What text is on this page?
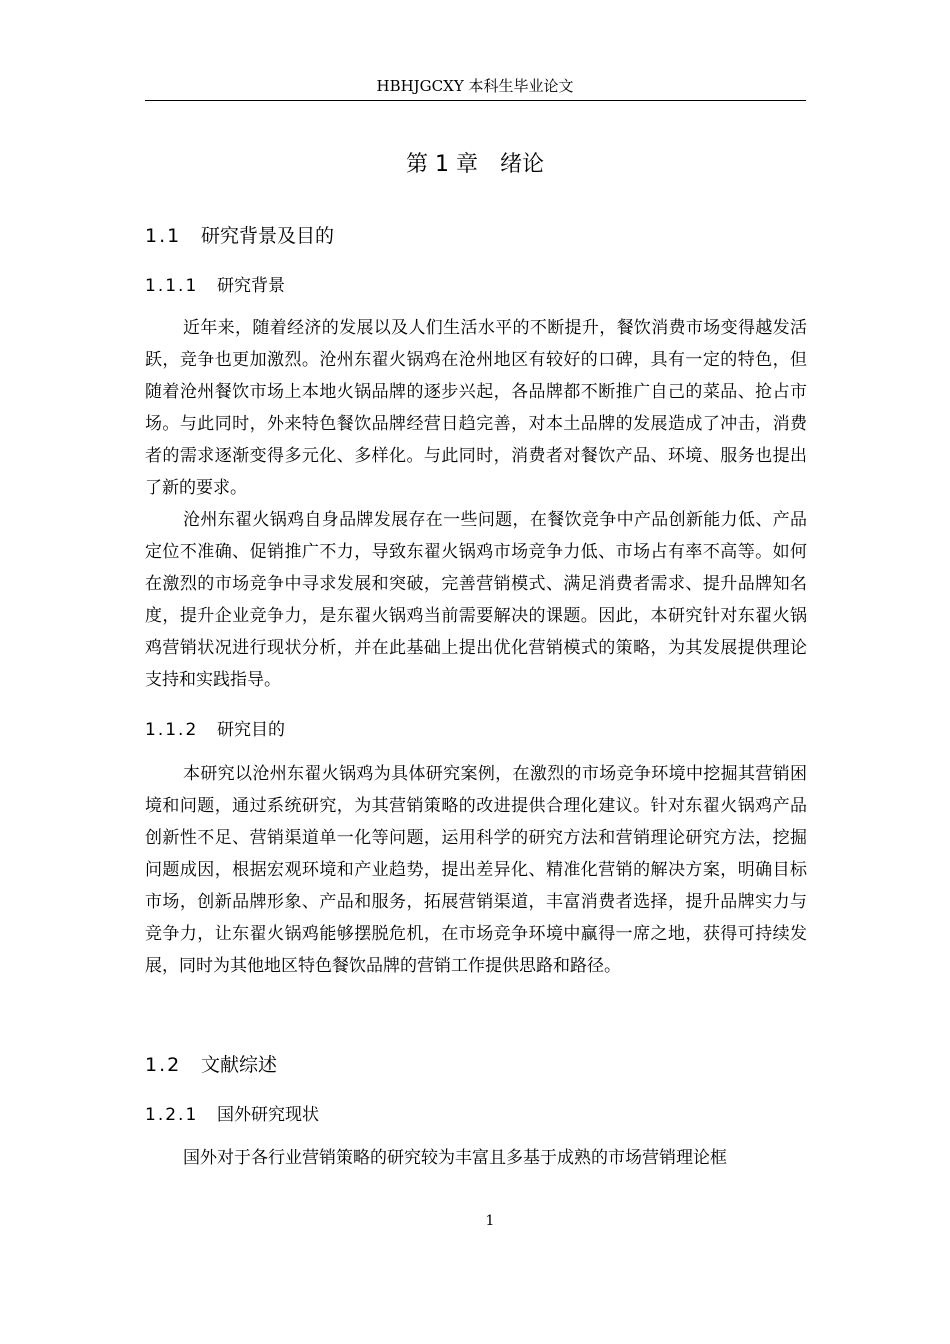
HBHJGCXY 本科生毕业论文
第 1 章 绪论
1.1 研究背景及目的
1.1.1 研究背景

近年来，随着经济的发展以及人们生活水平的不断提升，餐饮消费市场变得越发活跃，竞争也更加激烈。沧州东翟火锅鸡在沧州地区有较好的口碑，具有一定的特色，但随着沧州餐饮市场上本地火锅品牌的逐步兴起，各品牌都不断推广自己的菜品、抢占市场。与此同时，外来特色餐饮品牌经营日趋完善，对本土品牌的发展造成了冲击，消费者的需求逐渐变得多元化、多样化。与此同时，消费者对餐饮产品、环境、服务也提出了新的要求。

沧州东翟火锅鸡自身品牌发展存在一些问题，在餐饮竞争中产品创新能力低、产品定位不准确、促销推广不力，导致东翟火锅鸡市场竞争力低、市场占有率不高等。如何在激烈的市场竞争中寻求发展和突破，完善营销模式、满足消费者需求、提升品牌知名度，提升企业竞争力，是东翟火锅鸡当前需要解决的课题。因此，本研究针对东翟火锅鸡营销状况进行现状分析，并在此基础上提出优化营销模式的策略，为其发展提供理论支持和实践指导。

1.1.2 研究目的

本研究以沧州东翟火锅鸡为具体研究案例，在激烈的市场竞争环境中挖掘其营销困境和问题，通过系统研究，为其营销策略的改进提供合理化建议。针对东翟火锅鸡产品创新性不足、营销渠道单一化等问题，运用科学的研究方法和营销理论研究方法，挖掘问题成因，根据宏观环境和产业趋势，提出差异化、精准化营销的解决方案，明确目标市场，创新品牌形象、产品和服务，拓展营销渠道，丰富消费者选择，提升品牌实力与竞争力，让东翟火锅鸡能够摆脱危机，在市场竞争环境中赢得一席之地，获得可持续发展，同时为其他地区特色餐饮品牌的营销工作提供思路和路径。

1.2 文献综述
1.2.1 国外研究现状

国外对于各行业营销策略的研究较为丰富且多基于成熟的市场营销理论框

1
